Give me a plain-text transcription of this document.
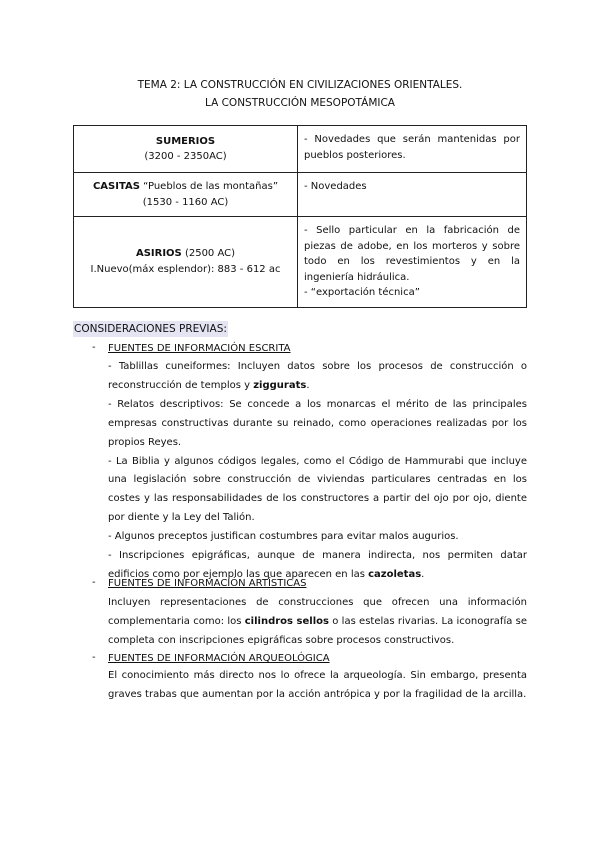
TEMA 2: LA CONSTRUCCIÓN EN CIVILIZACIONES ORIENTALES.
LA CONSTRUCCIÓN MESOPOTÁMICA
SUMERIOS
(3200 - 2350AC)	- Novedades que serán mantenidas por pueblos posteriores.

CASITAS “Pueblos de las montañas”
(1530 - 1160 AC)	- Novedades

ASIRIOS (2500 AC)
I.Nuevo(máx esplendor): 883 - 612 ac	- Sello particular en la fabricación de piezas de adobe, en los morteros y sobre todo en los revestimientos y en la ingeniería hidráulica.
- “exportación técnica”
CONSIDERACIONES PREVIAS:
- FUENTES DE INFORMACIÓN ESCRITA

- Tablillas cuneiformes: Incluyen datos sobre los procesos de construcción o reconstrucción de templos y ziggurats.

- Relatos descriptivos: Se concede a los monarcas el mérito de las principales empresas constructivas durante su reinado, como operaciones realizadas por los propios Reyes.

- La Biblia y algunos códigos legales, como el Código de Hammurabi que incluye una legislación sobre construcción de viviendas particulares centradas en los costes y las responsabilidades de los constructores a partir del ojo por ojo, diente por diente y la Ley del Talión.

- Algunos preceptos justifican costumbres para evitar malos augurios.

- Inscripciones epigráficas, aunque de manera indirecta, nos permiten datar edificios como por ejemplo las que aparecen en las cazoletas.

- FUENTES DE INFORMACIÓN ARTÍSTICAS

Incluyen representaciones de construcciones que ofrecen una información complementaria como: los cilindros sellos o las estelas rivarias. La iconografía se completa con inscripciones epigráficas sobre procesos constructivos.

- FUENTES DE INFORMACIÓN ARQUEOLÓGICA

El conocimiento más directo nos lo ofrece la arqueología. Sin embargo, presenta graves trabas que aumentan por la acción antrópica y por la fragilidad de la arcilla.
